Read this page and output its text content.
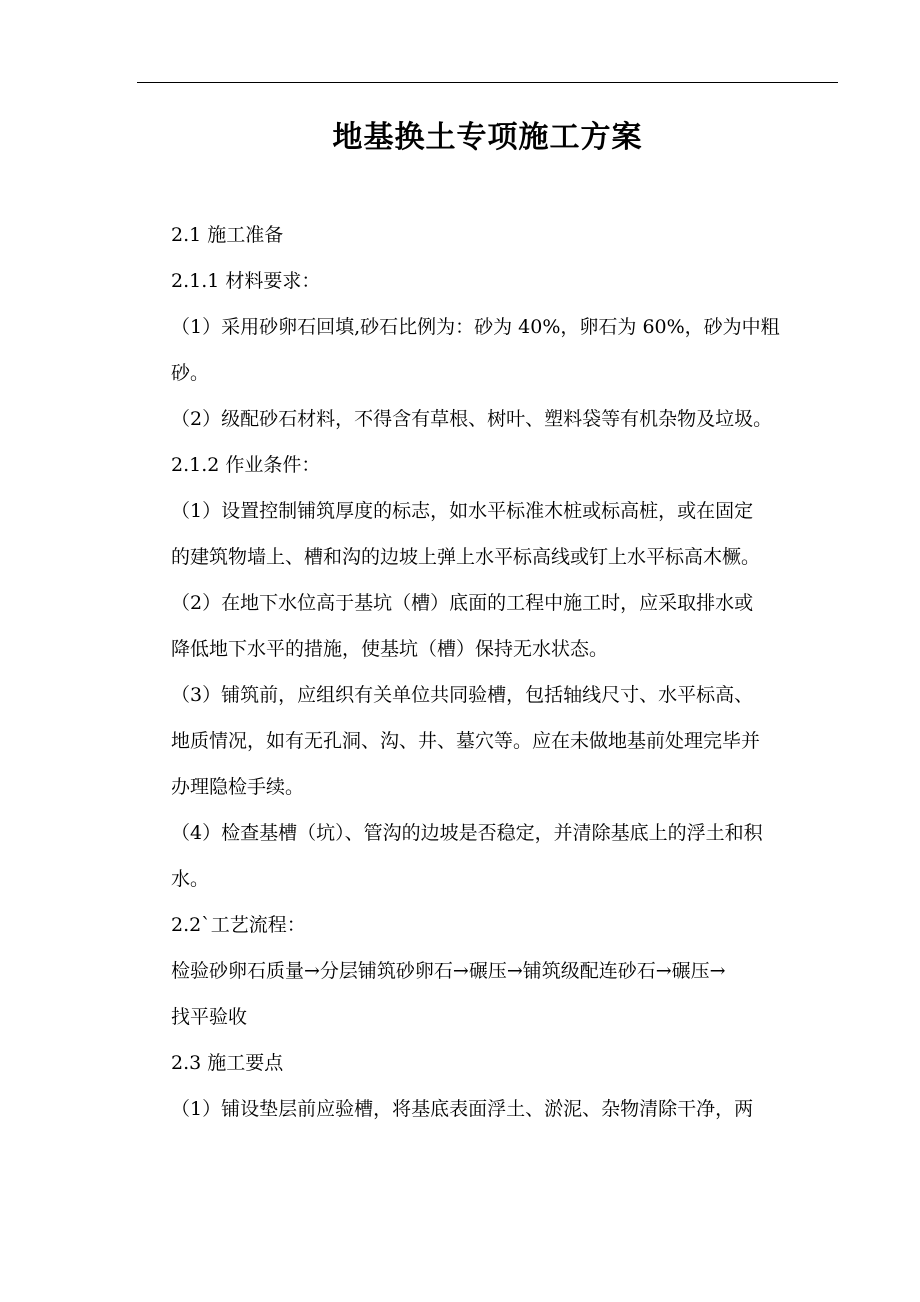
地基换土专项施工方案

2.1 施工准备

2.1.1 材料要求：

（1）采用砂卵石回填,砂石比例为：砂为 40%，卵石为 60%，砂为中粗

砂。

（2）级配砂石材料，不得含有草根、树叶、塑料袋等有机杂物及垃圾。

2.1.2 作业条件：

（1）设置控制铺筑厚度的标志，如水平标准木桩或标高桩，或在固定

的建筑物墙上、槽和沟的边坡上弹上水平标高线或钉上水平标高木橛。

（2）在地下水位高于基坑（槽）底面的工程中施工时，应采取排水或

降低地下水平的措施，使基坑（槽）保持无水状态。

（3）铺筑前，应组织有关单位共同验槽，包括轴线尺寸、水平标高、

地质情况，如有无孔洞、沟、井、墓穴等。应在未做地基前处理完毕并

办理隐检手续。

（4）检查基槽（坑）、管沟的边坡是否稳定，并清除基底上的浮土和积

水。

2.2`工艺流程：

检验砂卵石质量→分层铺筑砂卵石→碾压→铺筑级配连砂石→碾压→

找平验收

2.3 施工要点

（1）铺设垫层前应验槽，将基底表面浮土、淤泥、杂物清除干净，两
